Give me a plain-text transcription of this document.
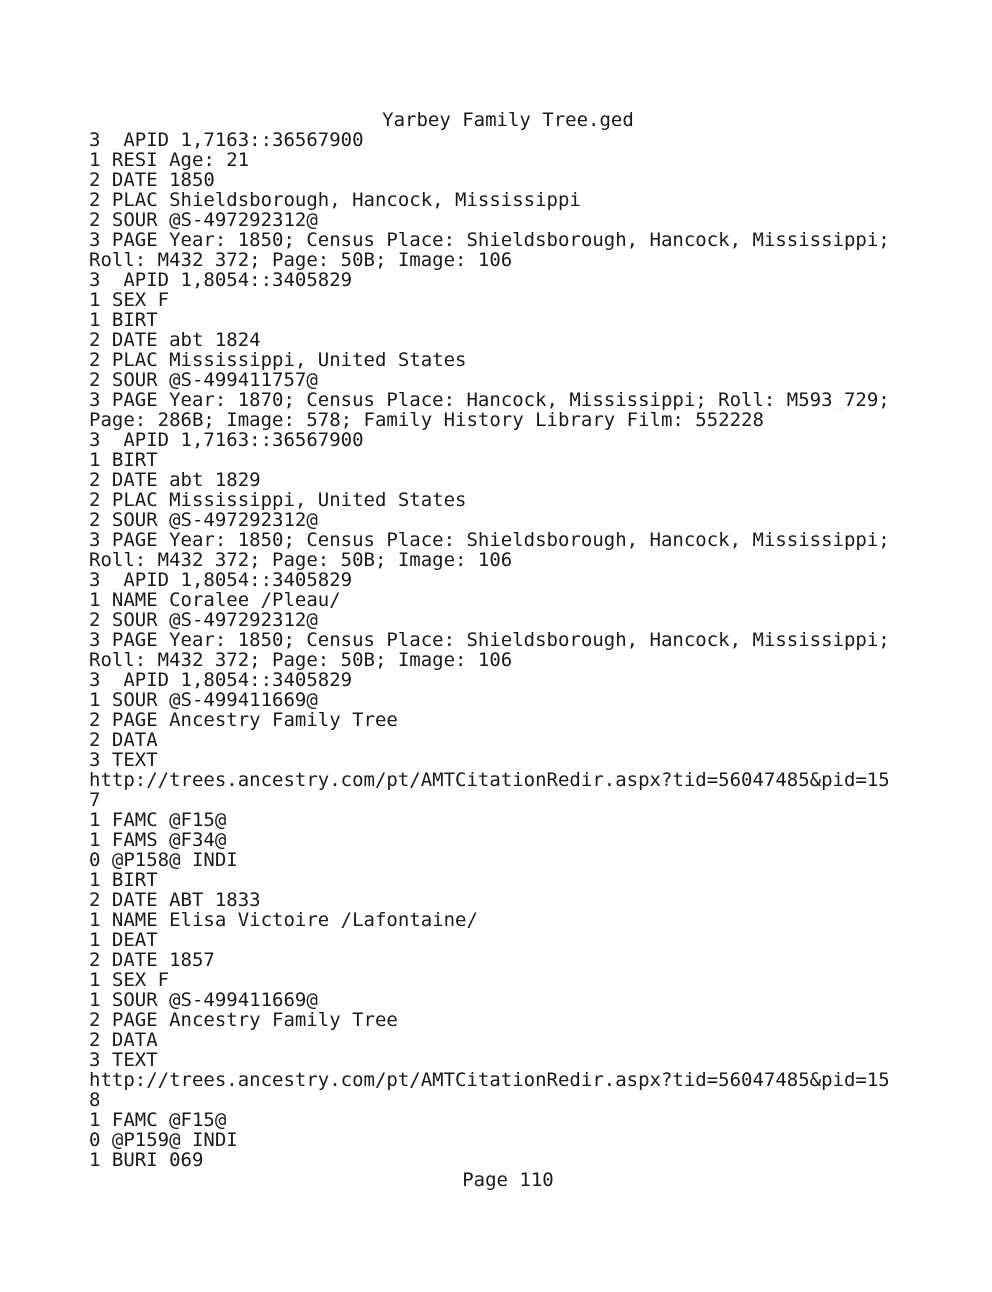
Yarbey Family Tree.ged
3 _APID 1,7163::36567900
1 RESI Age: 21
2 DATE 1850
2 PLAC Shieldsborough, Hancock, Mississippi
2 SOUR @S-497292312@
3 PAGE Year: 1850; Census Place: Shieldsborough, Hancock, Mississippi;
Roll: M432_372; Page: 50B; Image: 106
3 _APID 1,8054::3405829
1 SEX F
1 BIRT
2 DATE abt 1824
2 PLAC Mississippi, United States
2 SOUR @S-499411757@
3 PAGE Year: 1870; Census Place: Hancock, Mississippi; Roll: M593_729;
Page: 286B; Image: 578; Family History Library Film: 552228
3 _APID 1,7163::36567900
1 BIRT
2 DATE abt 1829
2 PLAC Mississippi, United States
2 SOUR @S-497292312@
3 PAGE Year: 1850; Census Place: Shieldsborough, Hancock, Mississippi;
Roll: M432_372; Page: 50B; Image: 106
3 _APID 1,8054::3405829
1 NAME Coralee /Pleau/
2 SOUR @S-497292312@
3 PAGE Year: 1850; Census Place: Shieldsborough, Hancock, Mississippi;
Roll: M432_372; Page: 50B; Image: 106
3 _APID 1,8054::3405829
1 SOUR @S-499411669@
2 PAGE Ancestry Family Tree
2 DATA
3 TEXT
http://trees.ancestry.com/pt/AMTCitationRedir.aspx?tid=56047485&pid=15
7
1 FAMC @F15@
1 FAMS @F34@
0 @P158@ INDI
1 BIRT
2 DATE ABT 1833
1 NAME Elisa Victoire /Lafontaine/
1 DEAT
2 DATE 1857
1 SEX F
1 SOUR @S-499411669@
2 PAGE Ancestry Family Tree
2 DATA
3 TEXT
http://trees.ancestry.com/pt/AMTCitationRedir.aspx?tid=56047485&pid=15
8
1 FAMC @F15@
0 @P159@ INDI
1 BURI 069
Page 110
